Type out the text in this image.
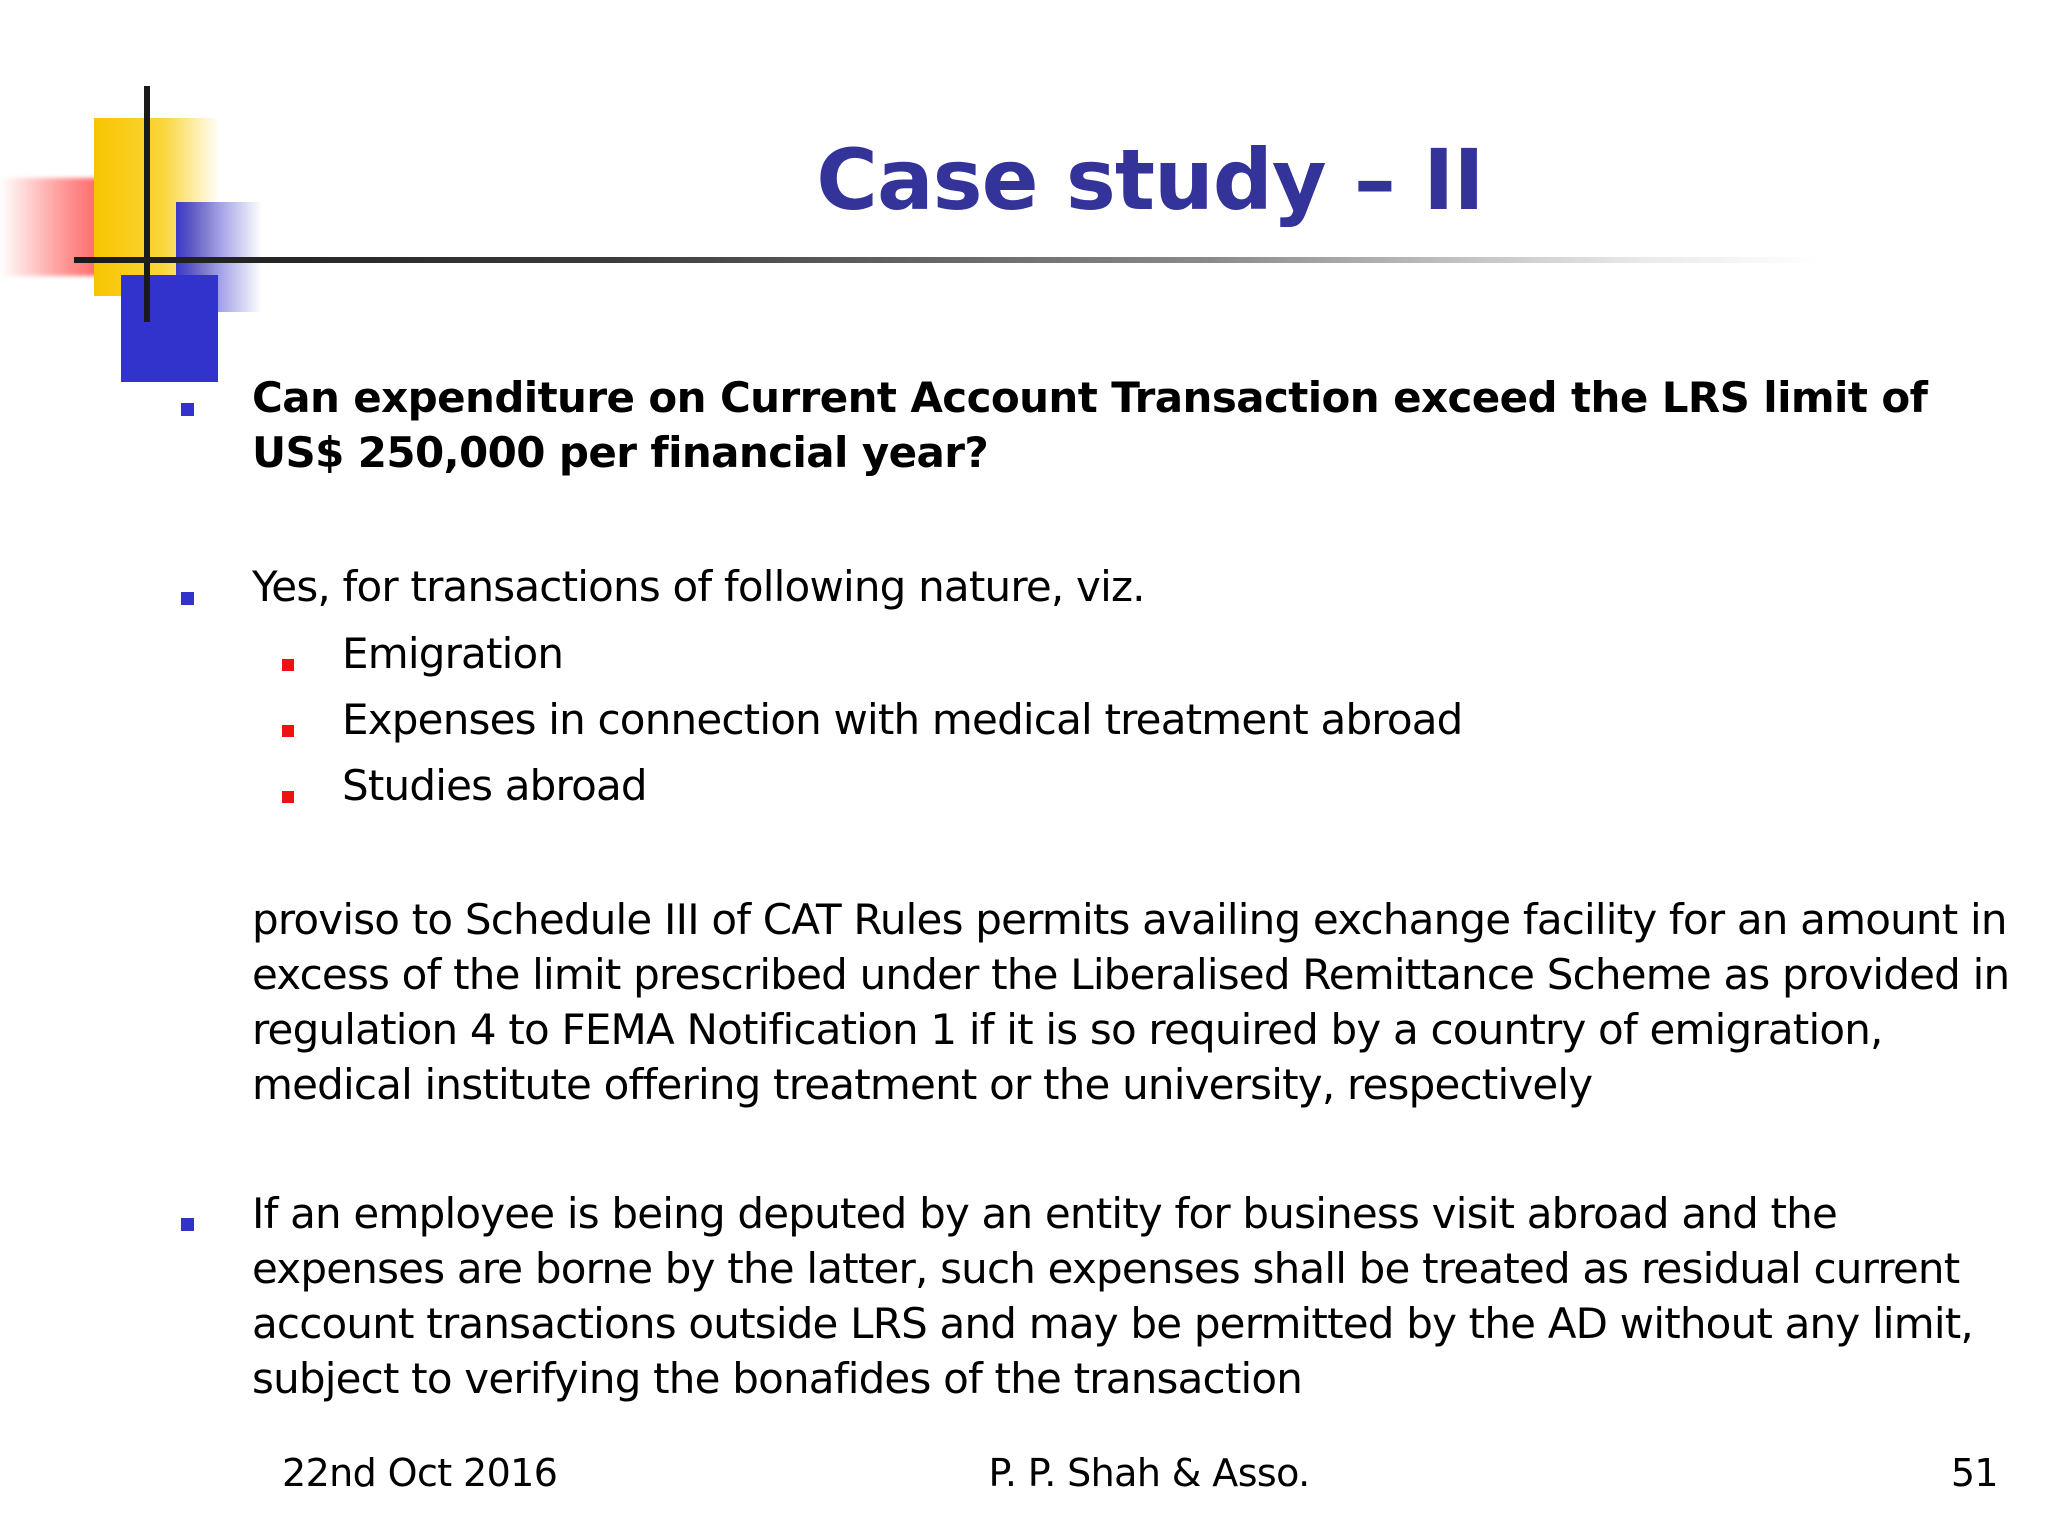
Case study – II

Can expenditure on Current Account Transaction exceed the LRS limit of US$ 250,000 per financial year?

Yes, for transactions of following nature, viz.

Emigration

Expenses in connection with medical treatment abroad

Studies abroad

proviso to Schedule III of CAT Rules permits availing exchange facility for an amount in excess of the limit prescribed under the Liberalised Remittance Scheme as provided in regulation 4 to FEMA Notification 1 if it is so required by a country of emigration, medical institute offering treatment or the university, respectively

If an employee is being deputed by an entity for business visit abroad and the expenses are borne by the latter, such expenses shall be treated as residual current account transactions outside LRS and may be permitted by the AD without any limit, subject to verifying the bonafides of the transaction

22nd Oct 2016	P. P. Shah & Asso.	51
